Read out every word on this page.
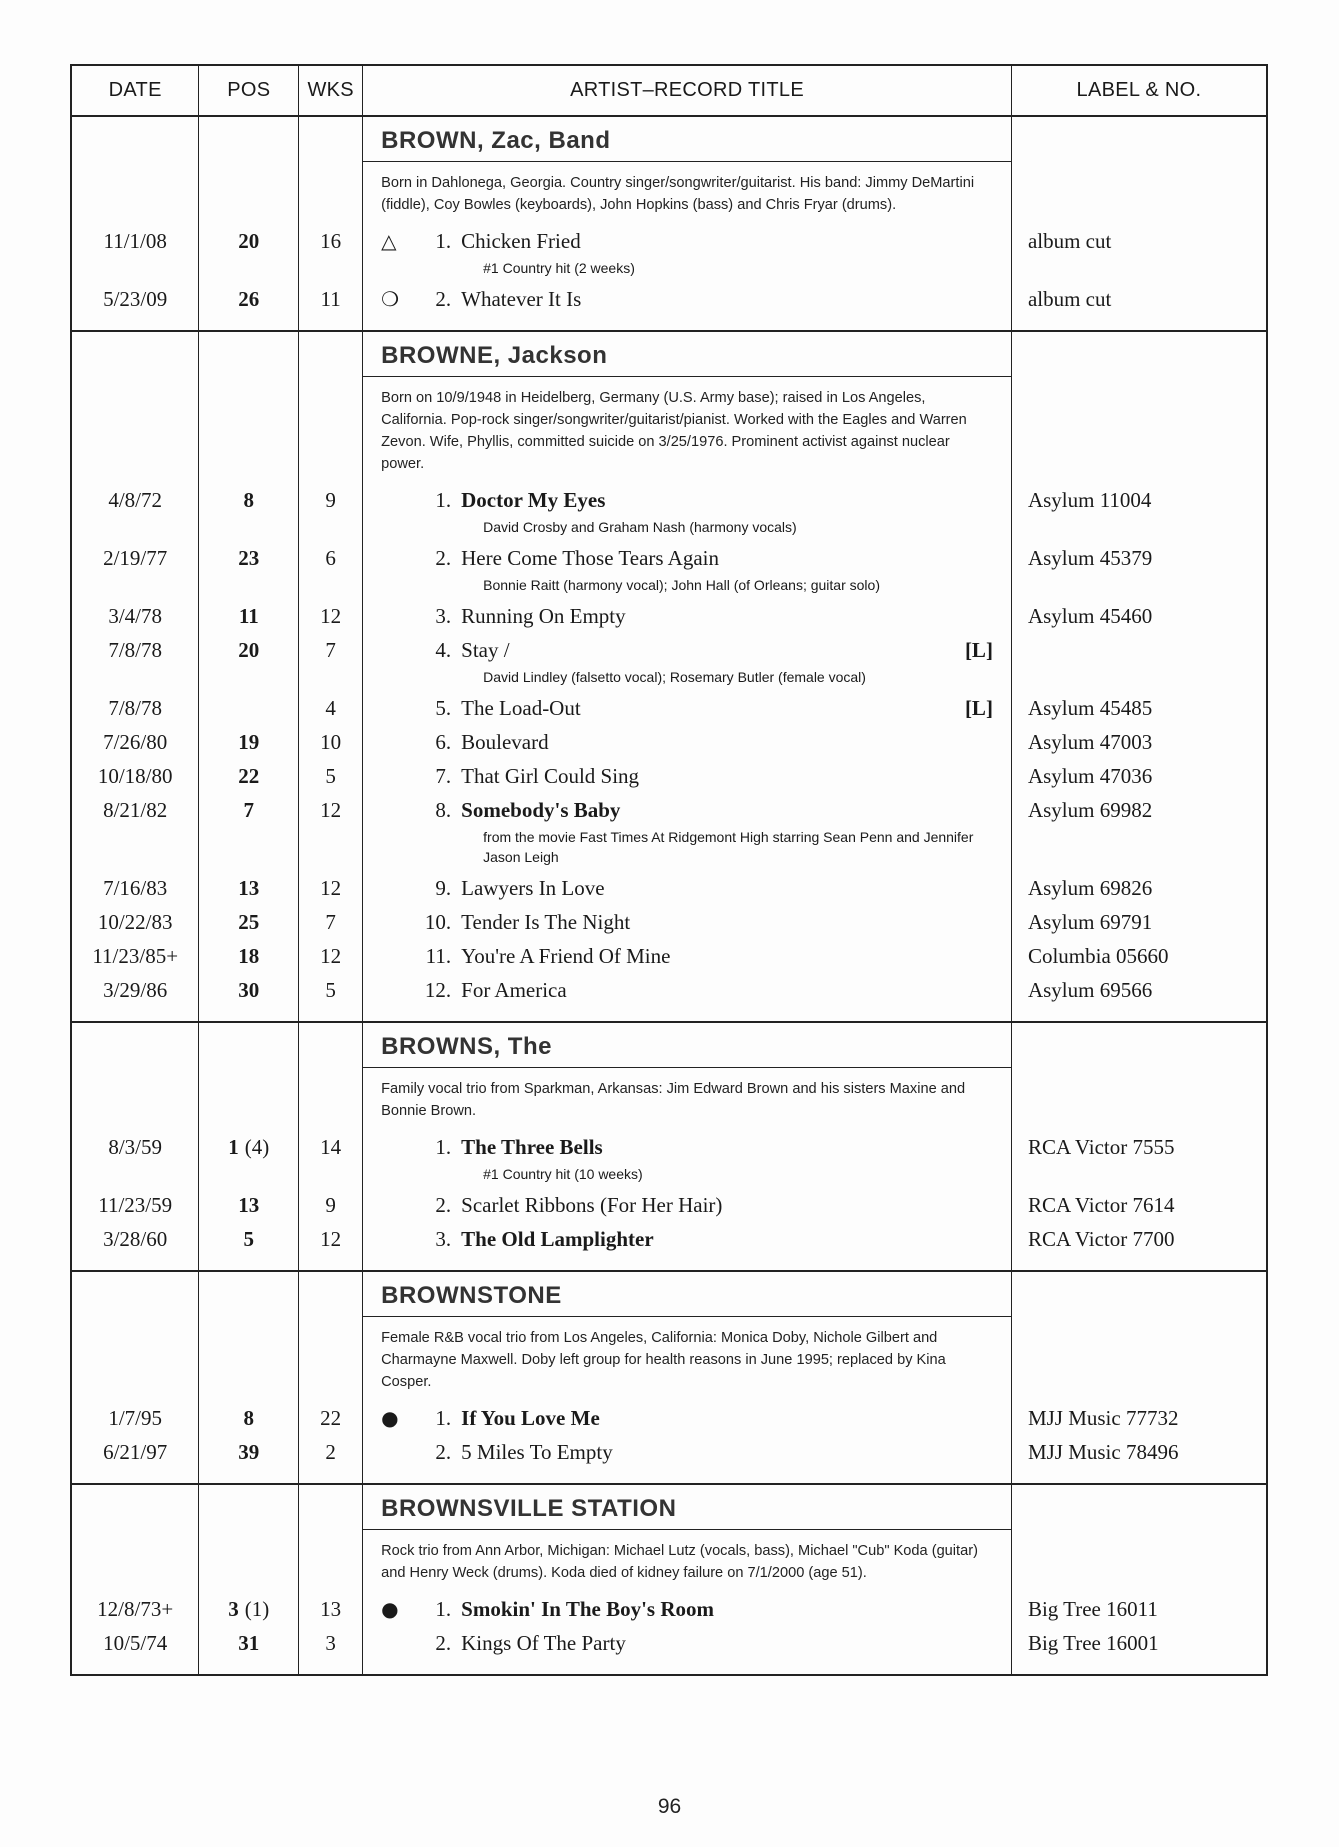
DATE	POS	WKS	ARTIST–RECORD TITLE	LABEL & NO.

			BROWN, Zac, Band
Born in Dahlonega, Georgia. Country singer/songwriter/guitarist. His band: Jimmy DeMartini (fiddle), Coy Bowles (keyboards), John Hopkins (bass) and Chris Fryar (drums).	

11/1/08	20	16	△ 1. Chicken Fried	album cut
			#1 Country hit (2 weeks)	
5/23/09	26	11	❍ 2. Whatever It Is	album cut

			BROWNE, Jackson
Born on 10/9/1948 in Heidelberg, Germany (U.S. Army base); raised in Los Angeles, California. Pop-rock singer/songwriter/guitarist/pianist. Worked with the Eagles and Warren Zevon. Wife, Phyllis, committed suicide on 3/25/1976. Prominent activist against nuclear power.	

4/8/72	8	9	1. Doctor My Eyes	Asylum 11004
			David Crosby and Graham Nash (harmony vocals)	
2/19/77	23	6	2. Here Come Those Tears Again	Asylum 45379
			Bonnie Raitt (harmony vocal); John Hall (of Orleans; guitar solo)	
3/4/78	11	12	3. Running On Empty	Asylum 45460
7/8/78	20	7	4. Stay / [L]	

			David Lindley (falsetto vocal); Rosemary Butler (female vocal)	
7/8/78		4	5. The Load-Out [L]	Asylum 45485
7/26/80	19	10	6. Boulevard	Asylum 47003
10/18/80	22	5	7. That Girl Could Sing	Asylum 47036
8/21/82	7	12	8. Somebody's Baby	Asylum 69982
			from the movie Fast Times At Ridgemont High starring Sean Penn and Jennifer Jason Leigh	
7/16/83	13	12	9. Lawyers In Love	Asylum 69826
10/22/83	25	7	10. Tender Is The Night	Asylum 69791
11/23/85+	18	12	11. You're A Friend Of Mine	Columbia 05660
3/29/86	30	5	12. For America	Asylum 69566

			BROWNS, The
Family vocal trio from Sparkman, Arkansas: Jim Edward Brown and his sisters Maxine and Bonnie Brown.	

8/3/59	1 (4)	14	1. The Three Bells	RCA Victor 7555
			#1 Country hit (10 weeks)	
11/23/59	13	9	2. Scarlet Ribbons (For Her Hair)	RCA Victor 7614
3/28/60	5	12	3. The Old Lamplighter	RCA Victor 7700

			BROWNSTONE
Female R&B vocal trio from Los Angeles, California: Monica Doby, Nichole Gilbert and Charmayne Maxwell. Doby left group for health reasons in June 1995; replaced by Kina Cosper.	

1/7/95	8	22	● 1. If You Love Me	MJJ Music 77732
6/21/97	39	2	2. 5 Miles To Empty	MJJ Music 78496

			BROWNSVILLE STATION
Rock trio from Ann Arbor, Michigan: Michael Lutz (vocals, bass), Michael "Cub" Koda (guitar) and Henry Weck (drums). Koda died of kidney failure on 7/1/2000 (age 51).	

12/8/73+	3 (1)	13	● 1. Smokin' In The Boy's Room	Big Tree 16011
10/5/74	31	3	2. Kings Of The Party	Big Tree 16001

96
